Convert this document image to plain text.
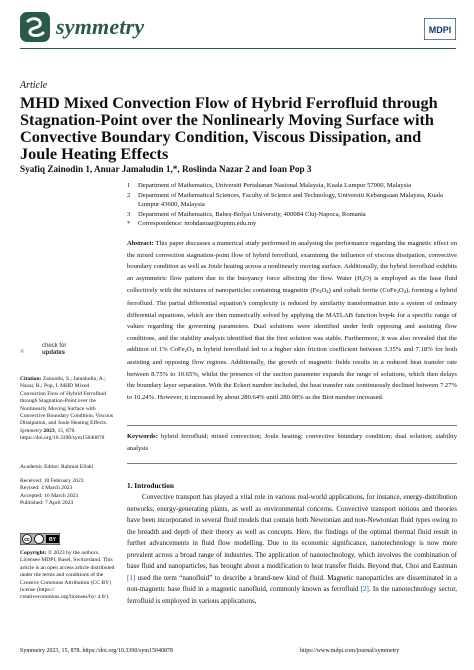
symmetry	MDPI
Article
MHD Mixed Convection Flow of Hybrid Ferrofluid through Stagnation-Point over the Nonlinearly Moving Surface with Convective Boundary Condition, Viscous Dissipation, and Joule Heating Effects
Syafiq Zainodin 1, Anuar Jamaludin 1,*, Roslinda Nazar 2 and Ioan Pop 3
1	Department of Mathematics, Universiti Pertahanan Nasional Malaysia, Kuala Lumpur 57000, Malaysia
2	Department of Mathematical Sciences, Faculty of Science and Technology, Universiti Kebangsaan Malaysia, Kuala Lumpur 43600, Malaysia
3	Department of Mathematics, Babeș-Bolyai University, 400084 Cluj-Napoca, Romania
*	Correspondence: mohdanuar@upnm.edu.my
Abstract: This paper discusses a numerical study performed in analysing the performance regarding the magnetic effect on the mixed convection stagnation-point flow of hybrid ferrofluid, examining the influence of viscous dissipation, convective boundary condition as well as Joule heating across a nonlinearly moving surface. Additionally, the hybrid ferrofluid exhibits an asymmetric flow pattern due to the buoyancy force affecting the flow. Water $(H_2O)$ is employed as the base fluid collectively with the mixtures of nanoparticles containing magnetite $(Fe_3O_4)$ and cobalt ferrite $(CoFe_2O_4)$, forming a hybrid ferrofluid. The partial differential equation’s complexity is reduced by similarity transformation into a system of ordinary differential equations, which are then numerically solved by applying the MATLAB function bvp4c for a specific range of values regarding the governing parameters. Dual solutions were identified under both opposing and assisting flow conditions, and the stability analysis identified that the first solution was stable. Furthermore, it was also revealed that the addition of 1% $CoFe_2O_4$ in hybrid ferrofluid led to a higher skin friction coefficient between 3.35% and 7.18% for both assisting and opposing flow regions. Additionally, the growth of magnetic fields results in a reduced heat transfer rate between 8.75% to 10.65%, whilst the presence of the suction parameter expands the range of solutions, which then delays the boundary layer separation. With the Eckert number included, the heat transfer rate continuously declined between 7.27% to 10.24%. However, it increased by about 280.64% until 280.98% as the Biot number increased.
Keywords: hybrid ferrofluid; mixed convection; Joule heating; convective boundary condition; dual solution; stability analysis
1. Introduction

Convective transport has played a vital role in various real-world applications, for instance, energy-distribution networks, energy-generating plants, as well as environmental concerns. Convective transport notions and theories have been incorporated in several fluid models that contain both Newtonian and non-Newtonian fluid types owing to the breadth and depth of their theory as well as concepts. Here, the findings of the optimal thermal fluid result in further advancements in fluid flow modelling. Due to its economic significance, nanotechnology is now more prevalent across a broad range of industries. The application of nanotechnology, which involves the combination of base fluid and nanoparticles, has brought about a modification to heat transfer fluids. Beyond that, Choi and Eastman [1] used the term “nanofluid” to describe a brand-new kind of fluid. Magnetic nanoparticles are disseminated in a non-magnetic base fluid in a magnetic nanofluid, commonly known as ferrofluid [2]. In the nanotechnology sector, ferrofluid is employed in various applications,

check for
updates
Citation: Zainodin, S.; Jamaludin, A.; Nazar, R.; Pop, I. MHD Mixed Convection Flow of Hybrid Ferrofluid through Stagnation-Point over the Nonlinearly Moving Surface with Convective Boundary Condition, Viscous Dissipation, and Joule Heating Effects. Symmetry 2023, 15, 878. https://doi.org/10.3390/sym15040878
Academic Editor: Rahmat Ellahi
Received: 10 February 2023
Revised: 4 March 2023
Accepted: 16 March 2023
Published: 7 April 2023
cc	BY
Copyright: © 2023 by the authors. Licensee MDPI, Basel, Switzerland. This article is an open access article distributed under the terms and conditions of the Creative Commons Attribution (CC BY) license (https:// creativecommons.org/licenses/by/ 4.0/).
Symmetry 2023, 15, 878. https://doi.org/10.3390/sym15040878	https://www.mdpi.com/journal/symmetry
